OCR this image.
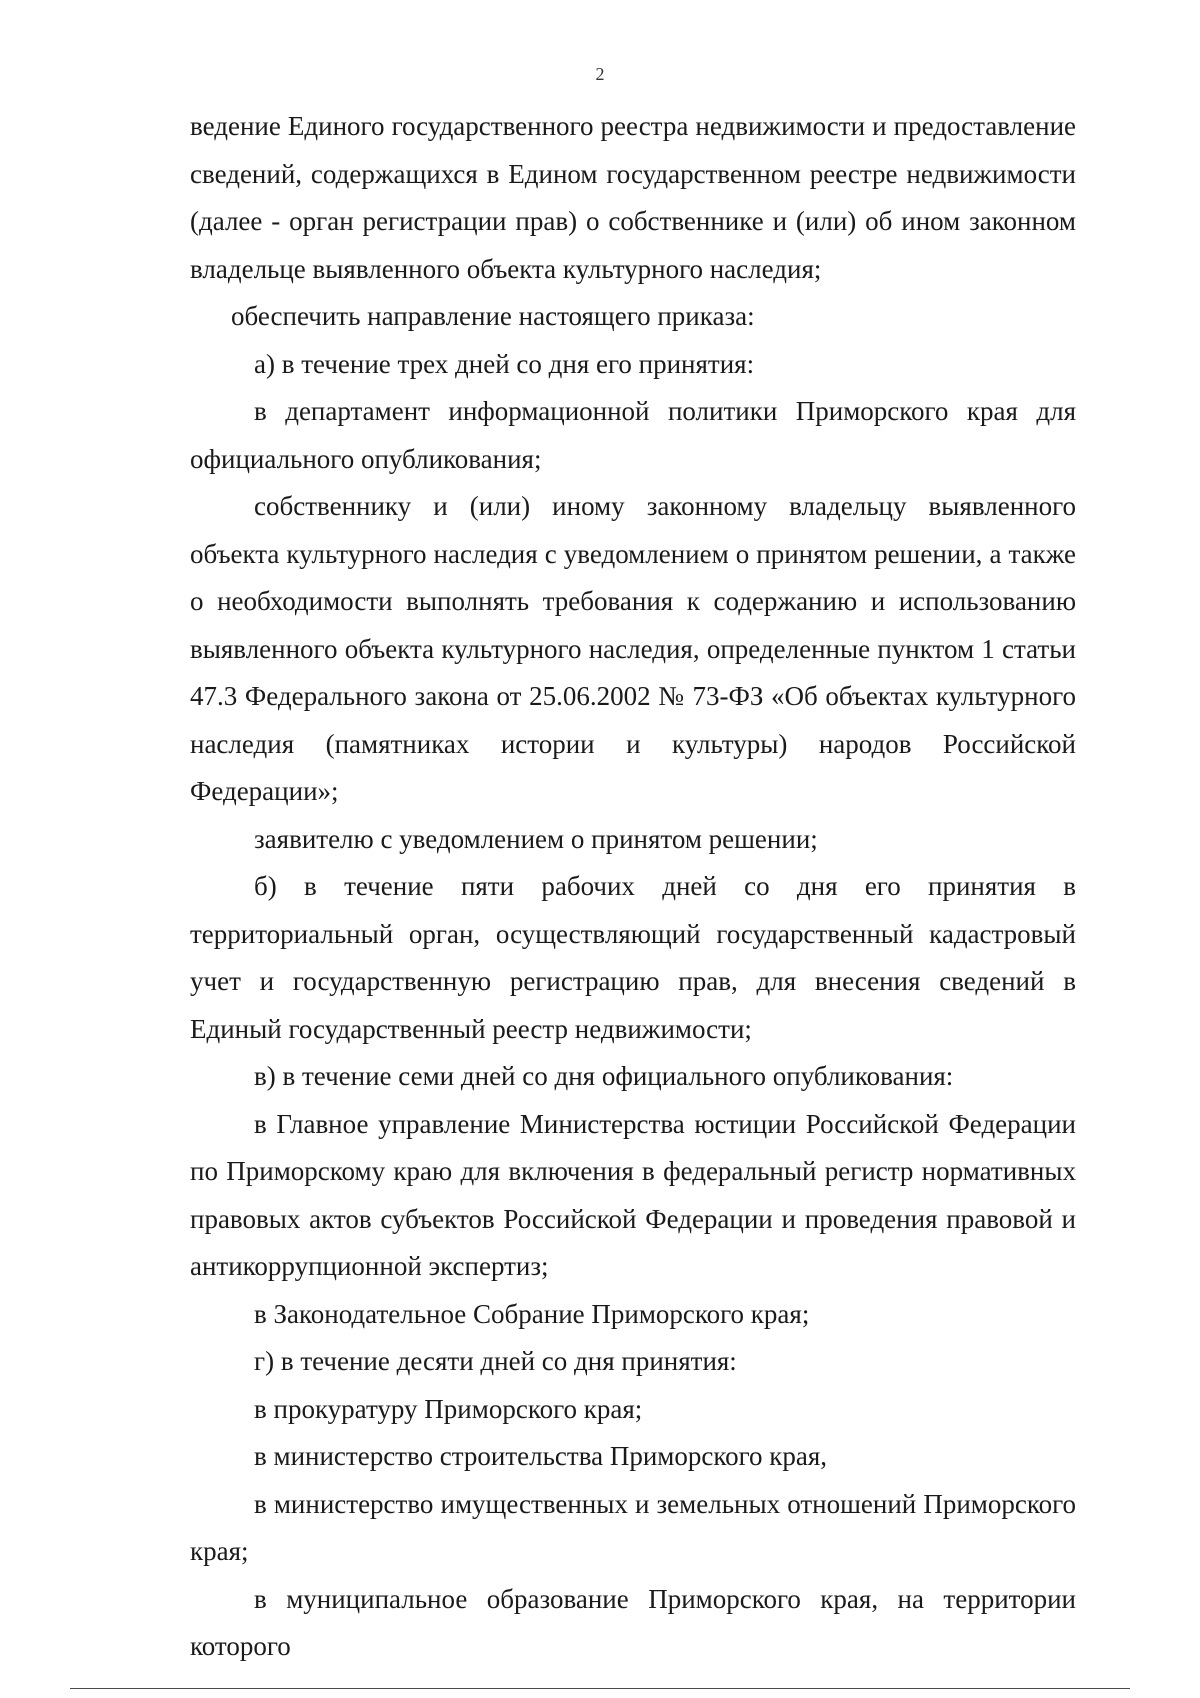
2

ведение Единого государственного реестра недвижимости и предоставление сведений, содержащихся в Едином государственном реестре недвижимости (далее - орган регистрации прав) о собственнике и (или) об ином законном владельце выявленного объекта культурного наследия;

обеспечить направление настоящего приказа:

а) в течение трех дней со дня его принятия:

в департамент информационной политики Приморского края для официального опубликования;

собственнику и (или) иному законному владельцу выявленного объекта культурного наследия с уведомлением о принятом решении, а также о необходимости выполнять требования к содержанию и использованию выявленного объекта культурного наследия, определенные пунктом 1 статьи 47.3 Федерального закона от 25.06.2002 № 73-ФЗ «Об объектах культурного наследия (памятниках истории и культуры) народов Российской Федерации»;

заявителю с уведомлением о принятом решении;

б) в течение пяти рабочих дней со дня его принятия в территориальный орган, осуществляющий государственный кадастровый учет и государственную регистрацию прав, для внесения сведений в Единый государственный реестр недвижимости;

в) в течение семи дней со дня официального опубликования:

в Главное управление Министерства юстиции Российской Федерации по Приморскому краю для включения в федеральный регистр нормативных правовых актов субъектов Российской Федерации и проведения правовой и антикоррупционной экспертиз;

в Законодательное Собрание Приморского края;

г) в течение десяти дней со дня принятия:

в прокуратуру Приморского края;

в министерство строительства Приморского края,

в министерство имущественных и земельных отношений Приморского края;

в муниципальное образование Приморского края, на территории которого
